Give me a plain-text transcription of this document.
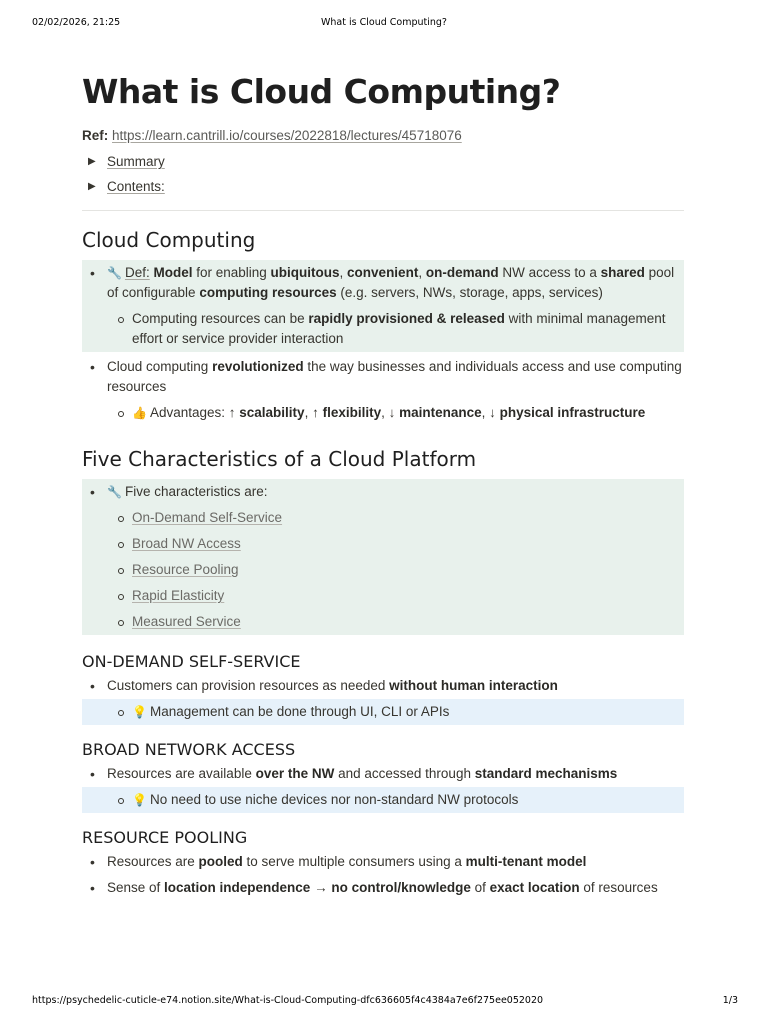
02/02/2026, 21:25	What is Cloud Computing?
What is Cloud Computing?
Ref: https://learn.cantrill.io/courses/2022818/lectures/45718076
▶ Summary
▶ Contents:
Cloud Computing
• 🔧 Def: Model for enabling ubiquitous, convenient, on-demand NW access to a shared pool of configurable computing resources (e.g. servers, NWs, storage, apps, services)
Computing resources can be rapidly provisioned & released with minimal management effort or service provider interaction
• Cloud computing revolutionized the way businesses and individuals access and use computing resources
👍 Advantages: ↑ scalability, ↑ flexibility, ↓ maintenance, ↓ physical infrastructure
Five Characteristics of a Cloud Platform
• 🔧 Five characteristics are:
On-Demand Self-Service
Broad NW Access
Resource Pooling
Rapid Elasticity
Measured Service
ON-DEMAND SELF-SERVICE
• Customers can provision resources as needed without human interaction
💡 Management can be done through UI, CLI or APIs
BROAD NETWORK ACCESS
• Resources are available over the NW and accessed through standard mechanisms
💡 No need to use niche devices nor non-standard NW protocols
RESOURCE POOLING
• Resources are pooled to serve multiple consumers using a multi-tenant model
• Sense of location independence → no control/knowledge of exact location of resources
https://psychedelic-cuticle-e74.notion.site/What-is-Cloud-Computing-dfc636605f4c4384a7e6f275ee052020	1/3
